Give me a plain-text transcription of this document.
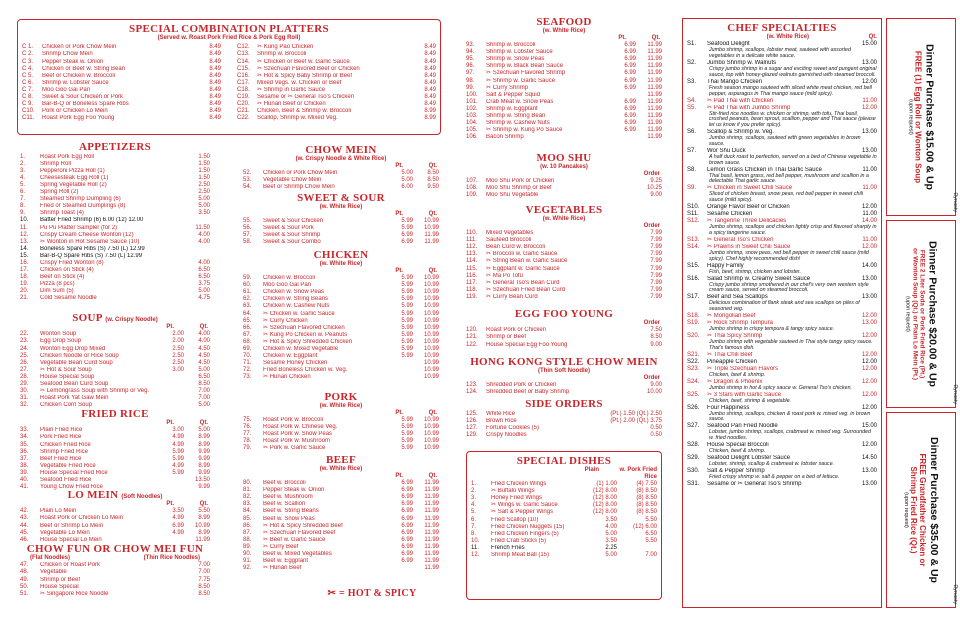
SPECIAL COMBINATION PLATTERS
(Served w. Roast Pork Fried Rice & Pork Egg Roll)
C 1.	Chicken or Pork Chow Mein	8.49
C 2.	Shrimp Chow Mein	8.49
C 3.	Pepper Steak w. Onion	8.49
C 4.	Chicken or Beef w. String Bean	8.49
C 5.	Beef or Chicken w. Broccoli	8.49
C 6.	Shrimp w. Lobster Sauce	8.49
C 7.	Moo Goo Gai Pan	8.49
C 8.	Sweet & Sour Chicken or Pork	8.49
C 9.	Bar-B-Q or Boneless Spare Ribs	8.49
C10.	Pork or Chicken Lo Mein	8.49
C11.	Roast Pork Egg Foo Young	8.49
C12.	✂ Kung Pao Chicken	8.49
C13.	Shrimp w. Broccoli	8.49
C14.	✂ Chicken or Beef w. Garlic Sauce	8.49
C15.	✂ Szechuan Flavored Beef or Chicken	8.49
C16.	✂ Hot & Spicy Baby Shrimp or Beef	8.49
C17.	Mixed Vegs. w. Chicken or Beef	8.49
C18.	✂ Shrimp in Garlic Sauce	8.49
C19.	Sesame or ✂ General Tso's Chicken	8.49
C20.	✂ Hunan Beef or Chicken	8.49
C21.	Chicken, Beef & Shrimp w. Broccoli	8.99
C22.	Scallop, Shrimp w. Mixed Veg.	8.99
APPETIZERS
1.	Roast Pork Egg Roll	1.50
2.	Shrimp Roll	1.50
3.	Pepperoni Pizza Roll (1)	1.50
4.	Cheesesteak Egg Roll (1)	1.50
5.	Spring Vegetable Roll (2)	2.50
6.	Spring Roll (2)	2.50
7.	Steamed Shrimp Dumpling (6)	5.00
8.	Fried or Steamed Dumplings (8)	5.00
9.	Shrimp Toast (4)	3.50
10.	Batter Fried Shrimp (6) 6.00 (12) 12.00
11.	Pu Pu Platter Sampler (for 2)	11.50
12.	Crispy Cream Cheese Wonton (12)	4.00
13.	✂ Wonton in Hot Sesame Sauce (10)	4.00
14.	Boneless Spare Ribs (S) 7.50 (L) 12.99
15.	Bar-B-Q Spare Ribs (S) 7.50 (L) 12.99
16.	Crispy Fried Wonton (8)	4.00
17.	Chicken on Stick (4)	6.50
18.	Beef on Stick (4)	6.50
19.	Pizza (8 pcs)	3.75
20.	Dim Sum (5)	5.00
21.	Cold Sesame Noodle	4.75
SOUP (w. Crispy Noodle)
Pt.	Qt.
22.	Wonton Soup	2.00	4.00
23.	Egg Drop Soup	2.00	4.00
24.	Wonton Egg Drop Mixed	2.50	4.50
25.	Chicken Noodle or Rice Soup	2.50	4.50
26.	Vegetable Bean Curd Soup	2.50	4.50
27.	✂ Hot & Sour Soup	3.00	5.00
28.	House Special Soup	6.50
29.	Seafood Bean Curd Soup	8.50
30.	✂ Lemongrass Soup with Shrimp or Veg.	7.00
31.	Roast Pork Yat Gaw Mein	7.00
32.	Chicken Corn Soup	5.00
FRIED RICE
Pt.	Qt.
33.	Plain Fried Rice	3.00	5.00
34.	Pork Fried Rice	4.99	8.99
35.	Chicken Fried Rice	4.99	8.99
36.	Shrimp Fried Rice	5.99	9.99
37.	Beef Fried Rice	5.99	9.99
38.	Vegetable Fried Rice	4.99	8.99
39.	House Special Fried Rice	5.99	9.99
40.	Seafood Fried Rice	13.50
41.	Young Chow Fried Rice	9.99
LO MEIN (Soft Noodles)
Pt.	Qt.
42.	Plain Lo Mein	3.50	5.50
43.	Roast Pork or Chicken Lo Mein	4.99	8.99
44.	Beef or Shrimp Lo Mein	6.99	10.99
45.	Vegetable Lo Mein	4.99	8.99
46.	House Special Lo Mein	11.99
CHOW FUN OR CHOW MEI FUN
(Flat Noodles)	(Thin Rice Noodles)
47.	Chicken or Roast Pork	7.00
48.	Vegetable	7.00
49.	Shrimp or Beef	7.75
50.	House Special	8.50
51.	✂ Singapore Rice Noodle	8.50
CHOW MEIN
(w. Crispy Noodle & White Rice)
Pt.	Qt.
52.	Chicken or Pork Chow Mein	5.00	8.50
53.	Vegetable Chow Mein	5.00	8.50
54.	Beef or Shrimp Chow Mein	6.00	9.50
SWEET & SOUR
(w. White Rice)
Pt.	Qt.
55.	Sweet & Sour Chicken	5.99	10.99
56.	Sweet & Sour Pork	5.99	10.99
57.	Sweet & Sour Shrimp	6.99	11.99
58.	Sweet & Sour Combo	6.99	11.99
CHICKEN
(w. White Rice)
Pt.	Qt.
59.	Chicken w. Broccoli	5.99	10.99
60.	Moo Goo Gai Pan	5.99	10.99
61.	Chicken w. Snow Peas	5.99	10.99
62.	Chicken w. String Beans	5.99	10.99
63.	Chicken w. Cashew Nuts	5.99	10.99
64.	✂ Chicken w. Garlic Sauce	5.99	10.99
65.	✂ Curry Chicken	5.99	10.99
66.	✂ Szechuan Flavored Chicken	5.99	10.99
67.	✂ Kung Po Chicken w. Peanuts	5.99	10.99
68.	✂ Hot & Spicy Shredded Chicken	5.99	10.99
69.	Chicken w. Mixed Vegetable	5.99	10.99
70.	Chicken w. Eggplant	5.99	10.99
71.	Sesame Honey Chicken	10.99
72.	Fried Boneless Chicken w. Veg.	10.99
73.	✂ Hunan Chicken	10.99
PORK
(w. White Rice)
Pt.	Qt.
75.	Roast Pork w. Broccoli	5.99	10.99
76.	Roast Pork w. Chinese Veg.	5.99	10.99
77.	Roast Pork w. Snow Peas	5.99	10.99
78.	Roast Pork w. Mushroom	5.99	10.99
79.	✂ Pork w. Garlic Sauce	5.99	10.99
BEEF
(w. White Rice)
Pt.	Qt.
80.	Beef w. Broccoli	6.99	11.99
81.	Pepper Steak w. Onion	6.99	11.99
82.	Beef w. Mushroom	6.99	11.99
83.	Beef w. Scallion	6.99	11.99
84.	Beef w. String Beans	6.99	11.99
85.	Beef w. Snow Peas	6.99	11.99
86.	✂ Hot & Spicy Shredded Beef	6.99	11.99
87.	✂ Szechuan Flavored Beef	6.99	11.99
88.	✂ Beef w. Garlic Sauce	6.99	11.99
89.	✂ Curry Beef	6.99	11.99
90.	Beef w. Mixed Vegetables	6.99	11.99
91.	Beef w. Eggplant	6.99	11.99
92.	✂ Hunan Beef	11.99
✂ = HOT & SPICY
SEAFOOD
(w. White Rice)
Pt.	Qt.
93.	Shrimp w. Broccoli	6.99	11.99
94.	Shrimp w. Lobster Sauce	6.99	11.99
95.	Shrimp w. Snow Peas	6.99	11.99
96.	Shrimp w. Black Bean Sauce	6.99	11.99
97.	✂ Szechuan Flavored Shrimp	6.99	11.99
98.	✂ Shrimp w. Garlic Sauce	6.99	11.99
99.	✂ Curry Shrimp	6.99	11.99
100.	Salt & Pepper Squid	11.99
101.	Crab Meat w. Snow Peas	6.99	11.99
102.	Shrimp w. Eggplant	6.99	11.99
103.	Shrimp w. String Bean	6.99	11.99
104.	Shrimp w. Cashew Nuts	6.99	11.99
105.	✂ Shrimp w. Kung Po Sauce	6.99	11.99
106.	Bacon Shrimp	11.99
MOO SHU
(w. 10 Pancakes)
Order
107.	Moo Shu Pork or Chicken	9.25
108.	Moo Shu Shrimp or Beef	10.25
109.	Moo Shu Vegetable	9.00
VEGETABLES
(w. White Rice)
Order
110.	Mixed Vegetables	7.99
111.	Sauteed Broccoli	7.99
112.	Bean Curd w. Broccoli	7.99
113.	✂ Broccoli w. Garlic Sauce	7.99
114.	✂ String Bean w. Garlic Sauce	7.99
115.	✂ Eggplant w. Garlic Sauce	7.99
116.	✂ Ma Po Tofu	7.99
117.	✂ General Tso's Bean Curd	7.99
118.	✂ Szechuan Fried Bean Curd	7.99
119.	✂ Curry Bean Curd	7.99
EGG FOO YOUNG
Order
120.	Roast Pork or Chicken	7.50
121.	Shrimp or Beef	8.50
122.	House Special Egg Foo Young	9.00
HONG KONG STYLE CHOW MEIN
(Thin Soft Noodle)
Order
123.	Shredded Pork or Chicken	9.00
124.	Shredded Beef or Baby Shrimp	10.00
SIDE ORDERS
125.	White Rice	(Pt.) 1.50 (Qt.) 2.50
126.	Brown Rice	(Pt.) 2.00 (Qt.) 3.75
127.	Fortune Cookies (5)	0.50
129.	Crispy Noodles	0.50
SPECIAL DISHES
Plain	w. Pork Fried Rice
1.	Fried Chicken Wings	(1) 1.00	(4) 7.50
2.	✂ Buffalo Wings	(12) 8.00	(8) 8.50
3.	Honey Fried Wings	(12) 8.00	(8) 8.50
4.	✂ Wings w. Garlic Sauce	(12) 8.00	(8) 8.50
5.	✂ Salt & Pepper Wings	(12) 8.00	(8) 8.50
6.	Fried Scallop (10)	3.50	5.50
7.	Fried Chicken Nuggets (15)	4.00	(12) 6.00
8.	Fried Chicken Fingers (5)	5.00	6.50
10.	Fried Crab Sticks (5)	3.50	5.50
11.	French Fries	2.25
12.	Shrimp Meat Ball (15)	5.00	7.00
CHEF SPECIALTIES
(w. White Rice)	Qt.
S1.	Seafood Delight	15.00
Jumbo shrimp, scallops, lobster meat, sauteed with assorted vegetables in a delicate white sauce.
S2.	Jumbo Shrimp w. Walnuts	13.00
Crispy jumbo shrimp in a sugar and exciting sweet and pungent original sauce, top with honey-glazed walnuts garnished with steamed broccoli.
S3.	Thai Mango Chicken	12.00
Fresh season mango sauteed with sliced white meat chicken, red bell pepper, asparagus in Thai mango sauce (mild spicy).
S4.	✂ Pad Thai with Chicken	11.00
S5.	✂ Pad Thai with Jumbo Shrimp	12.00
Stir-fried rice noodles w. chicken or shrimp, with tofu, Thai basil, crushed peanuts, bean sprout, scallion, pepper and Thai sauce (please let us know if you prefer spicy).
S6.	Scallop & Shrimp w. Veg.	13.00
Jumbo shrimp, scallops, sauteed with green vegetables in brown sauce.
S7.	Wor Shu Duck	13.00
A half duck roast to perfection, served on a bed of Chinese vegetable in brown sauce.
S8.	Lemon Grass Chicken in Thai Garlic Sauce	11.00
Thai basil, lemon grass, red bell pepper, mushroom and scallion in a delectable Thai garlic sauce.
S9.	✂ Chicken in Sweet Chili Sauce	11.00
Sliced of chicken breast, snow peas, red bell pepper in sweet chili sauce (mild spicy).
S10.	Orange Flavor Beef or Chicken	12.00
S11.	Sesame Chicken	11.00
S12.	✂ Tangerine Three Delicacies	14.00
Jumbo shrimp, scallops and chicken lightly crisp and flavored sharply in a spicy tangerine sauce.
S13.	✂ General Tso's Chicken	11.00
S14.	✂ Prawns in Sweet Chili Sauce	12.00
Jumbo shrimp, snow peas, red bell pepper in sweet chili sauce (mild spicy). Chef highly recommended dish!
S15.	Happy Family	14.00
Fish, beef, shrimp, chicken and lobster.
S16.	Salad Shrimp w. Creamy Sweet Sauce	13.00
Crispy jumbo shrimp smothered in our chef's very own western style cream sauce, served on steamed broccoli.
S17.	Beef and Sea Scallops	13.00
Delicious combination of flank steak and sea scallops on piles of seasoned veg.
S18.	✂ Mongolian Beef	12.00
S19.	✂ Rock Shrimp Tempura	13.00
Jumbo shrimp in crispy tempura & tangy spicy sauce.
S20.	✂ Thai Spicy Shrimp	12.00
Jumbo shrimp with vegetable sauteed in Thai style tangy spicy sauce. That's famous dish.
S21.	✂ Thai Chili Beef	12.00
S22.	Pineapple Chicken	12.00
S23.	✂ Triple Szechuan Flavors	12.00
Chicken, beef & shrimp.
S24.	✂ Dragon & Phoenix	12.00
Jumbo shrimp in hot & spicy sauce w. General Tso's chicken.
S25.	✂ 3 Stars with Garlic Sauce	12.00
Chicken, beef, shrimp & vegetable.
S26.	Four Happiness	12.00
Jumbo shrimp, scallops, chicken & roast pork w. mixed veg. in brown sauce.
S27.	Seafood Pan Fried Noodle	15.00
Lobster, jumbo shrimp, scallops, crabmeat w. mixed veg. Surrounded w. fried noodles.
S28.	House Special Broccoli	12.00
Chicken, beef & shrimp.
S29.	Seafood Delight Lobster Sauce	14.50
Lobster, shrimp, scallop & crabmeat w. lobster sauce.
S30.	Salt & Pepper Shrimp	13.00
Fried crispy shrimp w. salt & pepper on a bed of lettuce.
S31.	Sesame or ✂ General Tso's Shrimp	13.00
Dinner Purchase $15.00 & Up
FREE (1) Egg Roll or Wonton Soup
(upon request)
Dynasty
Dinner Purchase $20.00 & Up
FREE 2 Liter Soda or Pork Fried Rice (Pt.)
or Wonton Soup (Qt.) or Plain Lo Mein (Pt.)
(upon request)
Dynasty
Dinner Purchase $35.00 & Up
FREE Grandfather Chicken or
Shrimp Fried Rice (Qt.)
(upon request)
Dynasty
